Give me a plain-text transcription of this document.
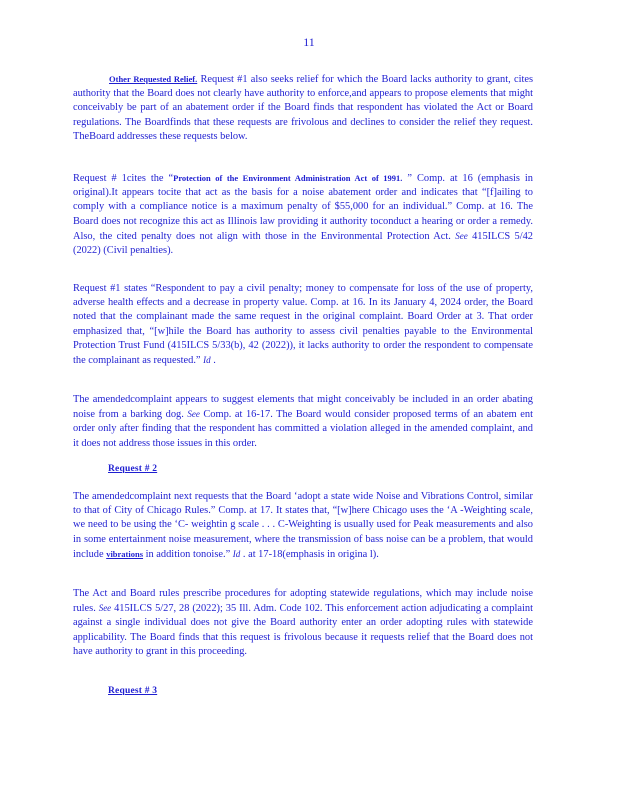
11
Other Requested Relief. Request #1 also seeks relief for which the Board lacks authority to grant, cites authority that the Board does not clearly have authority to enforce,and appears to propose elements that might conceivably be part of an abatement order if the Board finds that respondent has violated the Act or Board regulations. The Boardfinds that these requests are frivolous and declines to consider the relief they request. TheBoard addresses these requests below.
Request # 1cites the “Protection of the Environment Administration Act of 1991. ” Comp. at 16 (emphasis in original).It appears tocite that act as the basis for a noise abatement order and indicates that “[f]ailing to comply with a compliance notice is a maximum penalty of $55,000 for an individual.” Comp. at 16. The Board does not recognize this act as Illinois law providing it authority toconduct a hearing or order a remedy. Also, the cited penalty does not align with those in the Environmental Protection Act. See 415ILCS 5/42 (2022) (Civil penalties).
Request #1 states “Respondent to pay a civil penalty; money to compensate for loss of the use of property, adverse health effects and a decrease in property value. Comp. at 16. In its January 4, 2024 order, the Board noted that the complainant made the same request in the original complaint. Board Order at 3. That order emphasized that, “[w]hile the Board has authority to assess civil penalties payable to the Environmental Protection Trust Fund (415ILCS 5/33(b), 42 (2022)), it lacks authority to order the respondent to compensate the complainant as requested.” Id .
The amendedcomplaint appears to suggest elements that might conceivably be included in an order abating noise from a barking dog. See Comp. at 16-17. The Board would consider proposed terms of an abatem ent order only after finding that the respondent has committed a violation alleged in the amended complaint, and it does not address those issues in this order.
Request # 2
The amendedcomplaint next requests that the Board ‘adopt a state wide Noise and Vibrations Control, similar to that of City of Chicago Rules.” Comp. at 17. It states that, “[w]here Chicago uses the ‘A -Weighting scale, we need to be using the ‘C- weightin g scale . . . C-Weighting is usually used for Peak measurements and also in some entertainment noise measurement, where the transmission of bass noise can be a problem, that would include vibrations in addition tonoise.” Id . at 17-18(emphasis in origina l).
The Act and Board rules prescribe procedures for adopting statewide regulations, which may include noise rules. See 415ILCS 5/27, 28 (2022); 35 Ill. Adm. Code 102. This enforcement action adjudicating a complaint against a single individual does not give the Board authority enter an order adopting rules with statewide applicability. The Board finds that this request is frivolous because it requests relief that the Board does not have authority to grant in this proceeding.
Request # 3
